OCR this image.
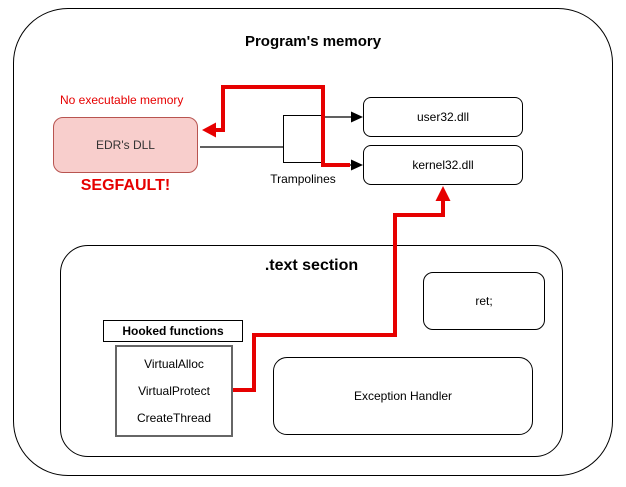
Program's memory
No executable memory
EDR's DLL
SEGFAULT!	Trampolines
user32.dll
kernel32.dll
.text section
Hooked functions
VirtualAlloc
VirtualProtect
CreateThread
ret;
Exception Handler
